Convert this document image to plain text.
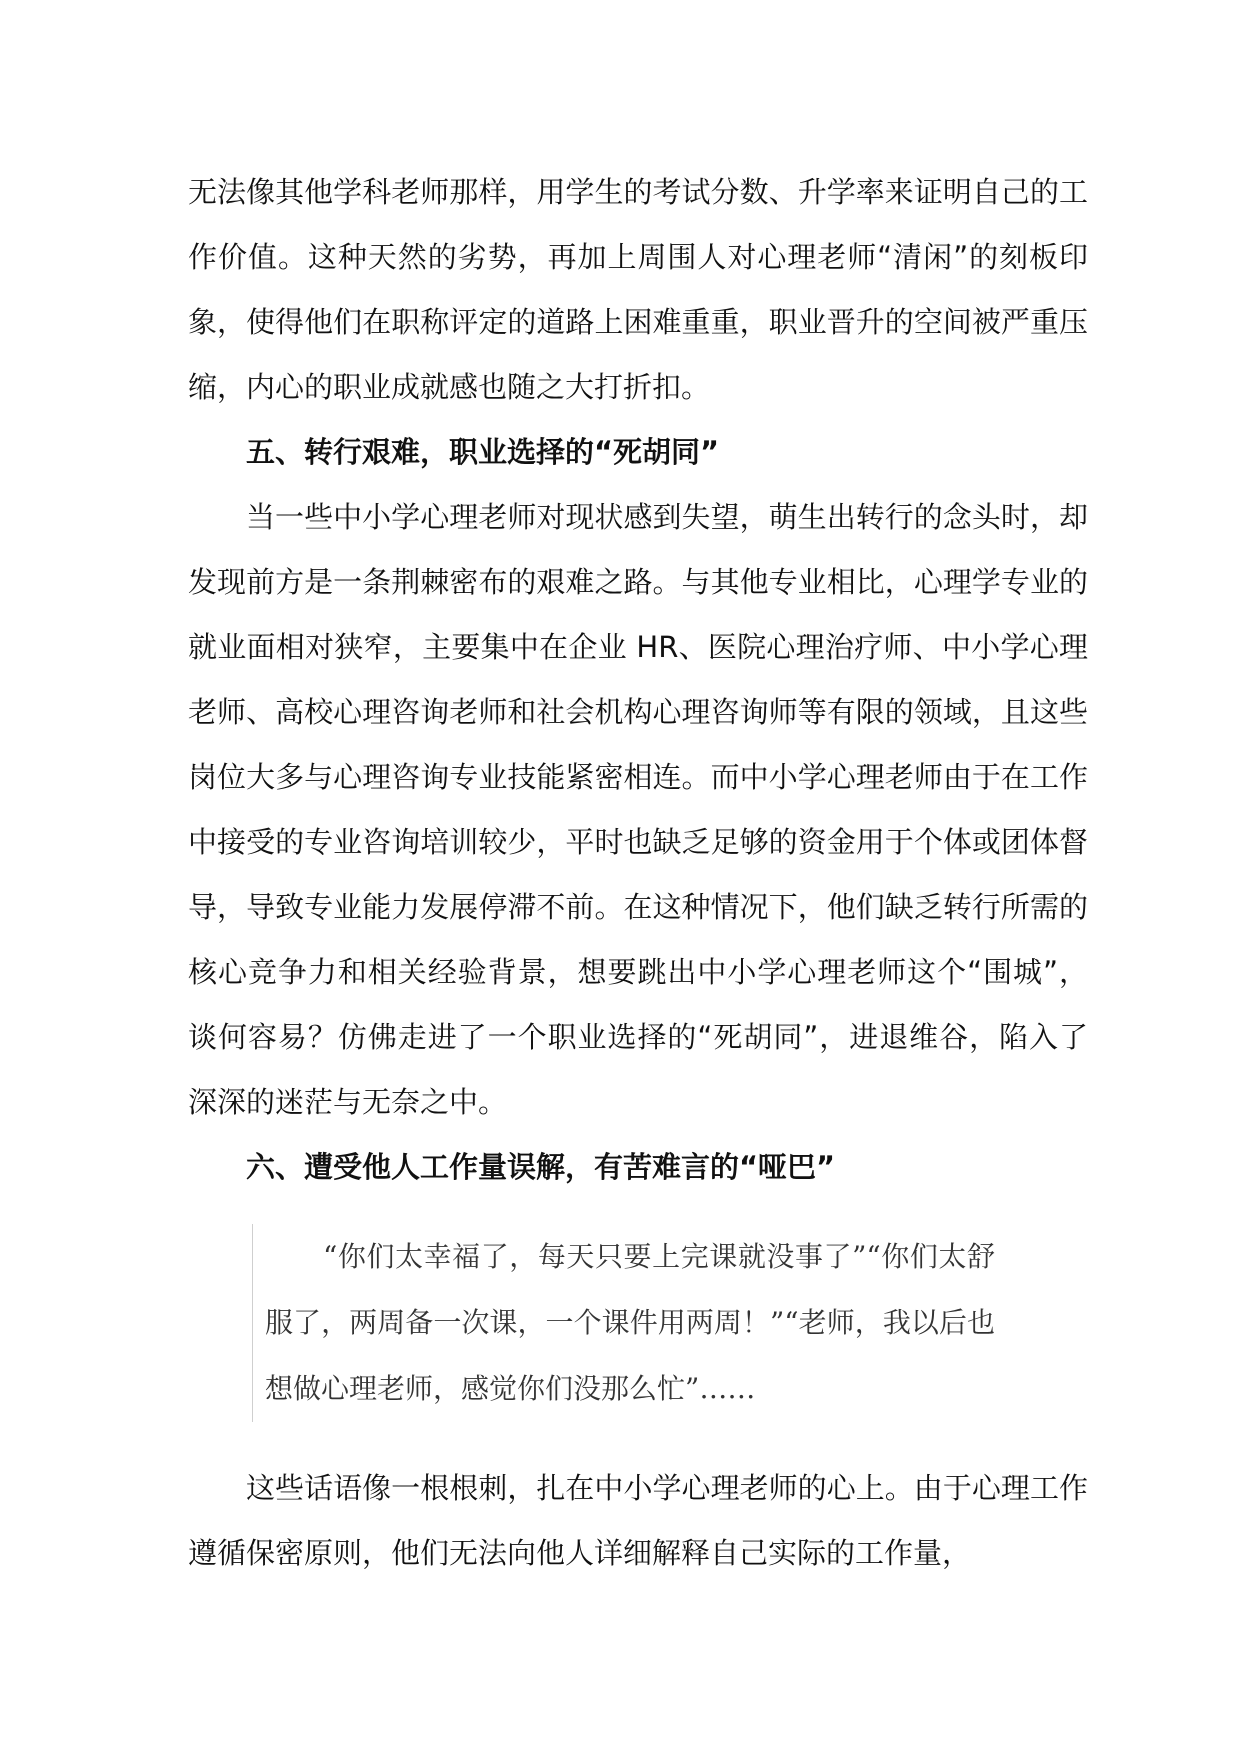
无法像其他学科老师那样，用学生的考试分数、升学率来证明自己的工作价值。这种天然的劣势，再加上周围人对心理老师“清闲”的刻板印象，使得他们在职称评定的道路上困难重重，职业晋升的空间被严重压缩，内心的职业成就感也随之大打折扣。

五、转行艰难，职业选择的“死胡同”

当一些中小学心理老师对现状感到失望，萌生出转行的念头时，却发现前方是一条荆棘密布的艰难之路。与其他专业相比，心理学专业的就业面相对狭窄，主要集中在企业 HR、医院心理治疗师、中小学心理老师、高校心理咨询老师和社会机构心理咨询师等有限的领域，且这些岗位大多与心理咨询专业技能紧密相连。而中小学心理老师由于在工作中接受的专业咨询培训较少，平时也缺乏足够的资金用于个体或团体督导，导致专业能力发展停滞不前。在这种情况下，他们缺乏转行所需的核心竞争力和相关经验背景，想要跳出中小学心理老师这个“围城”，谈何容易？仿佛走进了一个职业选择的“死胡同”，进退维谷，陷入了深深的迷茫与无奈之中。

六、遭受他人工作量误解，有苦难言的“哑巴”

“你们太幸福了，每天只要上完课就没事了”“你们太舒服了，两周备一次课，一个课件用两周！”“老师，我以后也想做心理老师，感觉你们没那么忙”……

这些话语像一根根刺，扎在中小学心理老师的心上。由于心理工作遵循保密原则，他们无法向他人详细解释自己实际的工作量，
